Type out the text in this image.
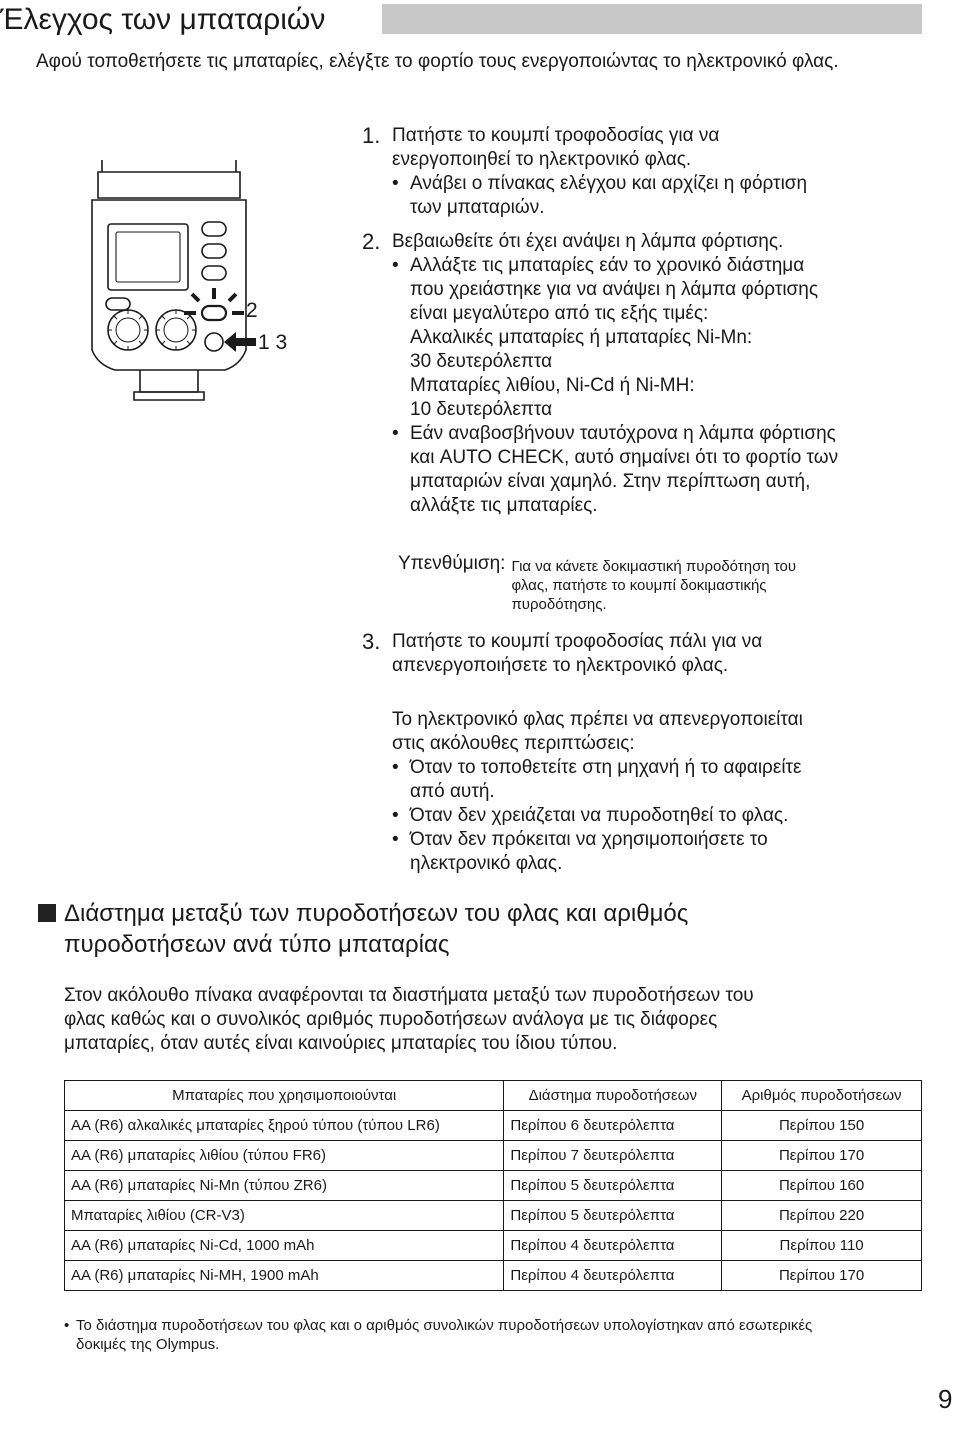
Έλεγχος των μπαταριών
Αφού τοποθετήσετε τις μπαταρίες, ελέγξτε το φορτίο τους ενεργοποιώντας το ηλεκτρονικό φλας.
2
1 3
1. Πατήστε το κουμπί τροφοδοσίας για να
ενεργοποιηθεί το ηλεκτρονικό φλας.
• Ανάβει ο πίνακας ελέγχου και αρχίζει η φόρτιση
των μπαταριών.
2. Βεβαιωθείτε ότι έχει ανάψει η λάμπα φόρτισης.
• Αλλάξτε τις μπαταρίες εάν το χρονικό διάστημα
που χρειάστηκε για να ανάψει η λάμπα φόρτισης
είναι μεγαλύτερο από τις εξής τιμές:
Αλκαλικές μπαταρίες ή μπαταρίες Ni-Mn:
30 δευτερόλεπτα
Μπαταρίες λιθίου, Ni-Cd ή Ni-MH:
10 δευτερόλεπτα
• Εάν αναβοσβήνουν ταυτόχρονα η λάμπα φόρτισης
και AUTO CHECK, αυτό σημαίνει ότι το φορτίο των
μπαταριών είναι χαμηλό. Στην περίπτωση αυτή,
αλλάξτε τις μπαταρίες.
Υπενθύμιση: Για να κάνετε δοκιμαστική πυροδότηση του
φλας, πατήστε το κουμπί δοκιμαστικής
πυροδότησης.
3. Πατήστε το κουμπί τροφοδοσίας πάλι για να
απενεργοποιήσετε το ηλεκτρονικό φλας.
Το ηλεκτρονικό φλας πρέπει να απενεργοποιείται
στις ακόλουθες περιπτώσεις:
• Όταν το τοποθετείτε στη μηχανή ή το αφαιρείτε
από αυτή.
• Όταν δεν χρειάζεται να πυροδοτηθεί το φλας.
• Όταν δεν πρόκειται να χρησιμοποιήσετε το
ηλεκτρονικό φλας.
Διάστημα μεταξύ των πυροδοτήσεων του φλας και αριθμός
πυροδοτήσεων ανά τύπο μπαταρίας
Στον ακόλουθο πίνακα αναφέρονται τα διαστήματα μεταξύ των πυροδοτήσεων του
φλας καθώς και ο συνολικός αριθμός πυροδοτήσεων ανάλογα με τις διάφορες
μπαταρίες, όταν αυτές είναι καινούριες μπαταρίες του ίδιου τύπου.
Μπαταρίες που χρησιμοποιούνται	Διάστημα πυροδοτήσεων	Αριθμός πυροδοτήσεων
AA (R6) αλκαλικές μπαταρίες ξηρού τύπου (τύπου LR6)	Περίπου 6 δευτερόλεπτα	Περίπου 150
AA (R6) μπαταρίες λιθίου (τύπου FR6)	Περίπου 7 δευτερόλεπτα	Περίπου 170
AA (R6) μπαταρίες Ni-Mn (τύπου ZR6)	Περίπου 5 δευτερόλεπτα	Περίπου 160
Μπαταρίες λιθίου (CR-V3)	Περίπου 5 δευτερόλεπτα	Περίπου 220
AA (R6) μπαταρίες Ni-Cd, 1000 mAh	Περίπου 4 δευτερόλεπτα	Περίπου 110
AA (R6) μπαταρίες Ni-MH, 1900 mAh	Περίπου 4 δευτερόλεπτα	Περίπου 170
• Το διάστημα πυροδοτήσεων του φλας και ο αριθμός συνολικών πυροδοτήσεων υπολογίστηκαν από εσωτερικές
δοκιμές της Olympus.
9
